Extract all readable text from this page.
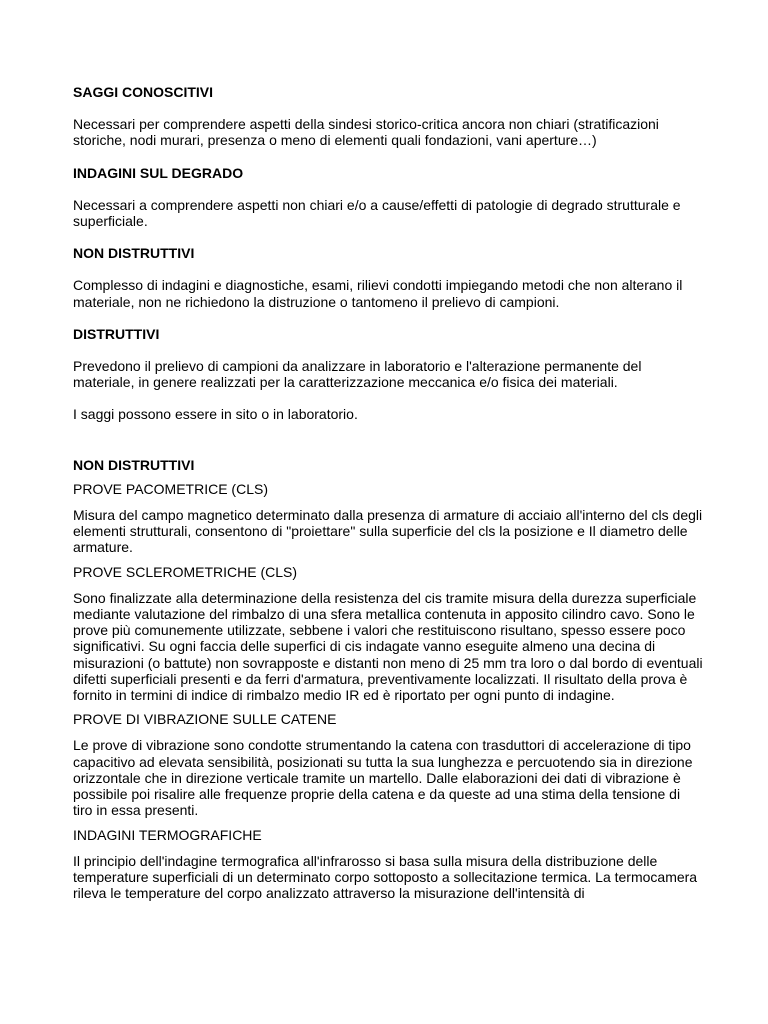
SAGGI CONOSCITIVI

Necessari per comprendere aspetti della sindesi storico-critica ancora non chiari (stratificazioni storiche, nodi murari, presenza o meno di elementi quali fondazioni, vani aperture…)

INDAGINI SUL DEGRADO

Necessari a comprendere aspetti non chiari e/o a cause/effetti di patologie di degrado strutturale e superficiale.

NON DISTRUTTIVI

Complesso di indagini e diagnostiche, esami, rilievi condotti impiegando metodi che non alterano il materiale, non ne richiedono la distruzione o tantomeno il prelievo di campioni.

DISTRUTTIVI

Prevedono il prelievo di campioni da analizzare in laboratorio e l'alterazione permanente del materiale, in genere realizzati per la caratterizzazione meccanica e/o fisica dei materiali.

I saggi possono essere in sito o in laboratorio.

NON DISTRUTTIVI
PROVE PACOMETRICE (CLS)

Misura del campo magnetico determinato dalla presenza di armature di acciaio all'interno del cls degli elementi strutturali, consentono di "proiettare" sulla superficie del cls la posizione e Il diametro delle armature.

PROVE SCLEROMETRICHE (CLS)

Sono finalizzate alla determinazione della resistenza del cis tramite misura della durezza superficiale mediante valutazione del rimbalzo di una sfera metallica contenuta in apposito cilindro cavo. Sono le prove più comunemente utilizzate, sebbene i valori che restituiscono risultano, spesso essere poco significativi. Su ogni faccia delle superfici di cis indagate vanno eseguite almeno una decina di misurazioni (o battute) non sovrapposte e distanti non meno di 25 mm tra loro o dal bordo di eventuali difetti superficiali presenti e da ferri d'armatura, preventivamente localizzati. Il risultato della prova è fornito in termini di indice di rimbalzo medio IR ed è riportato per ogni punto di indagine.

PROVE DI VIBRAZIONE SULLE CATENE

Le prove di vibrazione sono condotte strumentando la catena con trasduttori di accelerazione di tipo capacitivo ad elevata sensibilità, posizionati su tutta la sua lunghezza e percuotendo sia in direzione orizzontale che in direzione verticale tramite un martello. Dalle elaborazioni dei dati di vibrazione è possibile poi risalire alle frequenze proprie della catena e da queste ad una stima della tensione di tiro in essa presenti.

INDAGINI TERMOGRAFICHE

Il principio dell'indagine termografica all'infrarosso si basa sulla misura della distribuzione delle temperature superficiali di un determinato corpo sottoposto a sollecitazione termica. La termocamera rileva le temperature del corpo analizzato attraverso la misurazione dell'intensità di
